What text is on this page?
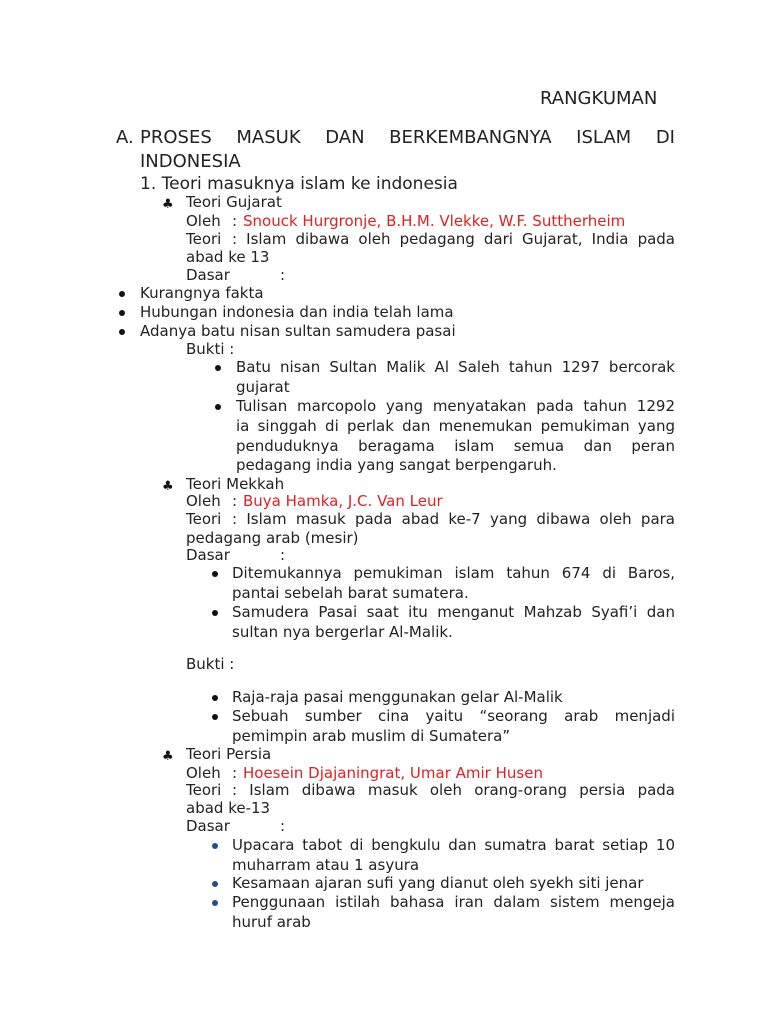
RANGKUMAN
A. PROSES MASUK DAN BERKEMBANGNYA ISLAM DI
INDONESIA
1. Teori masuknya islam ke indonesia
♣ Teori Gujarat
Oleh : Snouck Hurgronje, B.H.M. Vlekke, W.F. Suttherheim
Teori : Islam dibawa oleh pedagang dari Gujarat, India pada
abad ke 13
Dasar	:
Kurangnya fakta
Hubungan indonesia dan india telah lama
Adanya batu nisan sultan samudera pasai
Bukti :
Batu nisan Sultan Malik Al Saleh tahun 1297 bercorak
gujarat
Tulisan marcopolo yang menyatakan pada tahun 1292
ia singgah di perlak dan menemukan pemukiman yang
penduduknya beragama islam semua dan peran
pedagang india yang sangat berpengaruh.
♣ Teori Mekkah
Oleh : Buya Hamka, J.C. Van Leur
Teori : Islam masuk pada abad ke-7 yang dibawa oleh para
pedagang arab (mesir)
Dasar	:
Ditemukannya pemukiman islam tahun 674 di Baros,
pantai sebelah barat sumatera.
Samudera Pasai saat itu menganut Mahzab Syafi’i dan
sultan nya bergerlar Al-Malik.
Bukti :
Raja-raja pasai menggunakan gelar Al-Malik
Sebuah sumber cina yaitu “seorang arab menjadi
pemimpin arab muslim di Sumatera”
♣ Teori Persia
Oleh : Hoesein Djajaningrat, Umar Amir Husen
Teori : Islam dibawa masuk oleh orang-orang persia pada
abad ke-13
Dasar	:
Upacara tabot di bengkulu dan sumatra barat setiap 10
muharram atau 1 asyura
Kesamaan ajaran sufi yang dianut oleh syekh siti jenar
Penggunaan istilah bahasa iran dalam sistem mengeja
huruf arab
